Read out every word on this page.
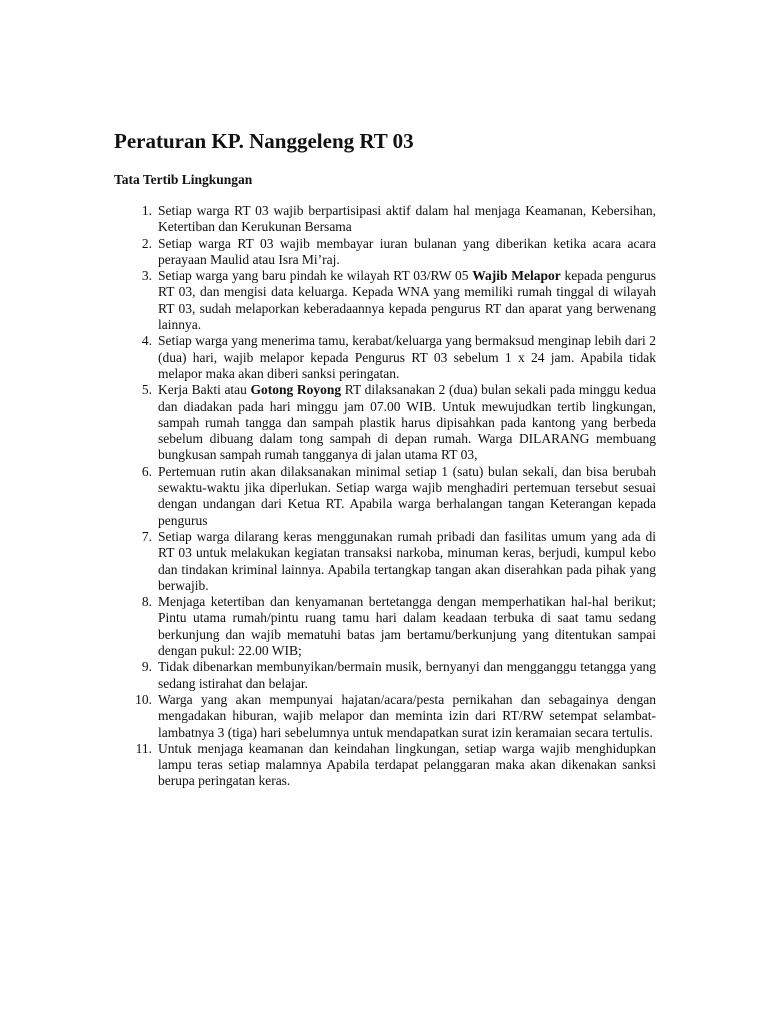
Peraturan KP. Nanggeleng RT 03
Tata Tertib Lingkungan
1. Setiap warga RT 03 wajib berpartisipasi aktif dalam hal menjaga Keamanan, Kebersihan, Ketertiban dan Kerukunan Bersama
2. Setiap warga RT 03 wajib membayar iuran bulanan yang diberikan ketika acara acara perayaan Maulid atau Isra Mi’raj.
3. Setiap warga yang baru pindah ke wilayah RT 03/RW 05 Wajib Melapor kepada pengurus RT 03, dan mengisi data keluarga. Kepada WNA yang memiliki rumah tinggal di wilayah RT 03, sudah melaporkan keberadaannya kepada pengurus RT dan aparat yang berwenang lainnya.
4. Setiap warga yang menerima tamu, kerabat/keluarga yang bermaksud menginap lebih dari 2 (dua) hari, wajib melapor kepada Pengurus RT 03 sebelum 1 x 24 jam. Apabila tidak melapor maka akan diberi sanksi peringatan.
5. Kerja Bakti atau Gotong Royong RT dilaksanakan 2 (dua) bulan sekali pada minggu kedua dan diadakan pada hari minggu jam 07.00 WIB. Untuk mewujudkan tertib lingkungan, sampah rumah tangga dan sampah plastik harus dipisahkan pada kantong yang berbeda sebelum dibuang dalam tong sampah di depan rumah. Warga DILARANG membuang bungkusan sampah rumah tangganya di jalan utama RT 03,
6. Pertemuan rutin akan dilaksanakan minimal setiap 1 (satu) bulan sekali, dan bisa berubah sewaktu-waktu jika diperlukan. Setiap warga wajib menghadiri pertemuan tersebut sesuai dengan undangan dari Ketua RT. Apabila warga berhalangan tangan Keterangan kepada pengurus
7. Setiap warga dilarang keras menggunakan rumah pribadi dan fasilitas umum yang ada di RT 03 untuk melakukan kegiatan transaksi narkoba, minuman keras, berjudi, kumpul kebo dan tindakan kriminal lainnya. Apabila tertangkap tangan akan diserahkan pada pihak yang berwajib.
8. Menjaga ketertiban dan kenyamanan bertetangga dengan memperhatikan hal-hal berikut; Pintu utama rumah/pintu ruang tamu hari dalam keadaan terbuka di saat tamu sedang berkunjung dan wajib mematuhi batas jam bertamu/berkunjung yang ditentukan sampai dengan pukul: 22.00 WIB;
9. Tidak dibenarkan membunyikan/bermain musik, bernyanyi dan mengganggu tetangga yang sedang istirahat dan belajar.
10. Warga yang akan mempunyai hajatan/acara/pesta pernikahan dan sebagainya dengan mengadakan hiburan, wajib melapor dan meminta izin dari RT/RW setempat selambat-lambatnya 3 (tiga) hari sebelumnya untuk mendapatkan surat izin keramaian secara tertulis.
11. Untuk menjaga keamanan dan keindahan lingkungan, setiap warga wajib menghidupkan lampu teras setiap malamnya Apabila terdapat pelanggaran maka akan dikenakan sanksi berupa peringatan keras.
